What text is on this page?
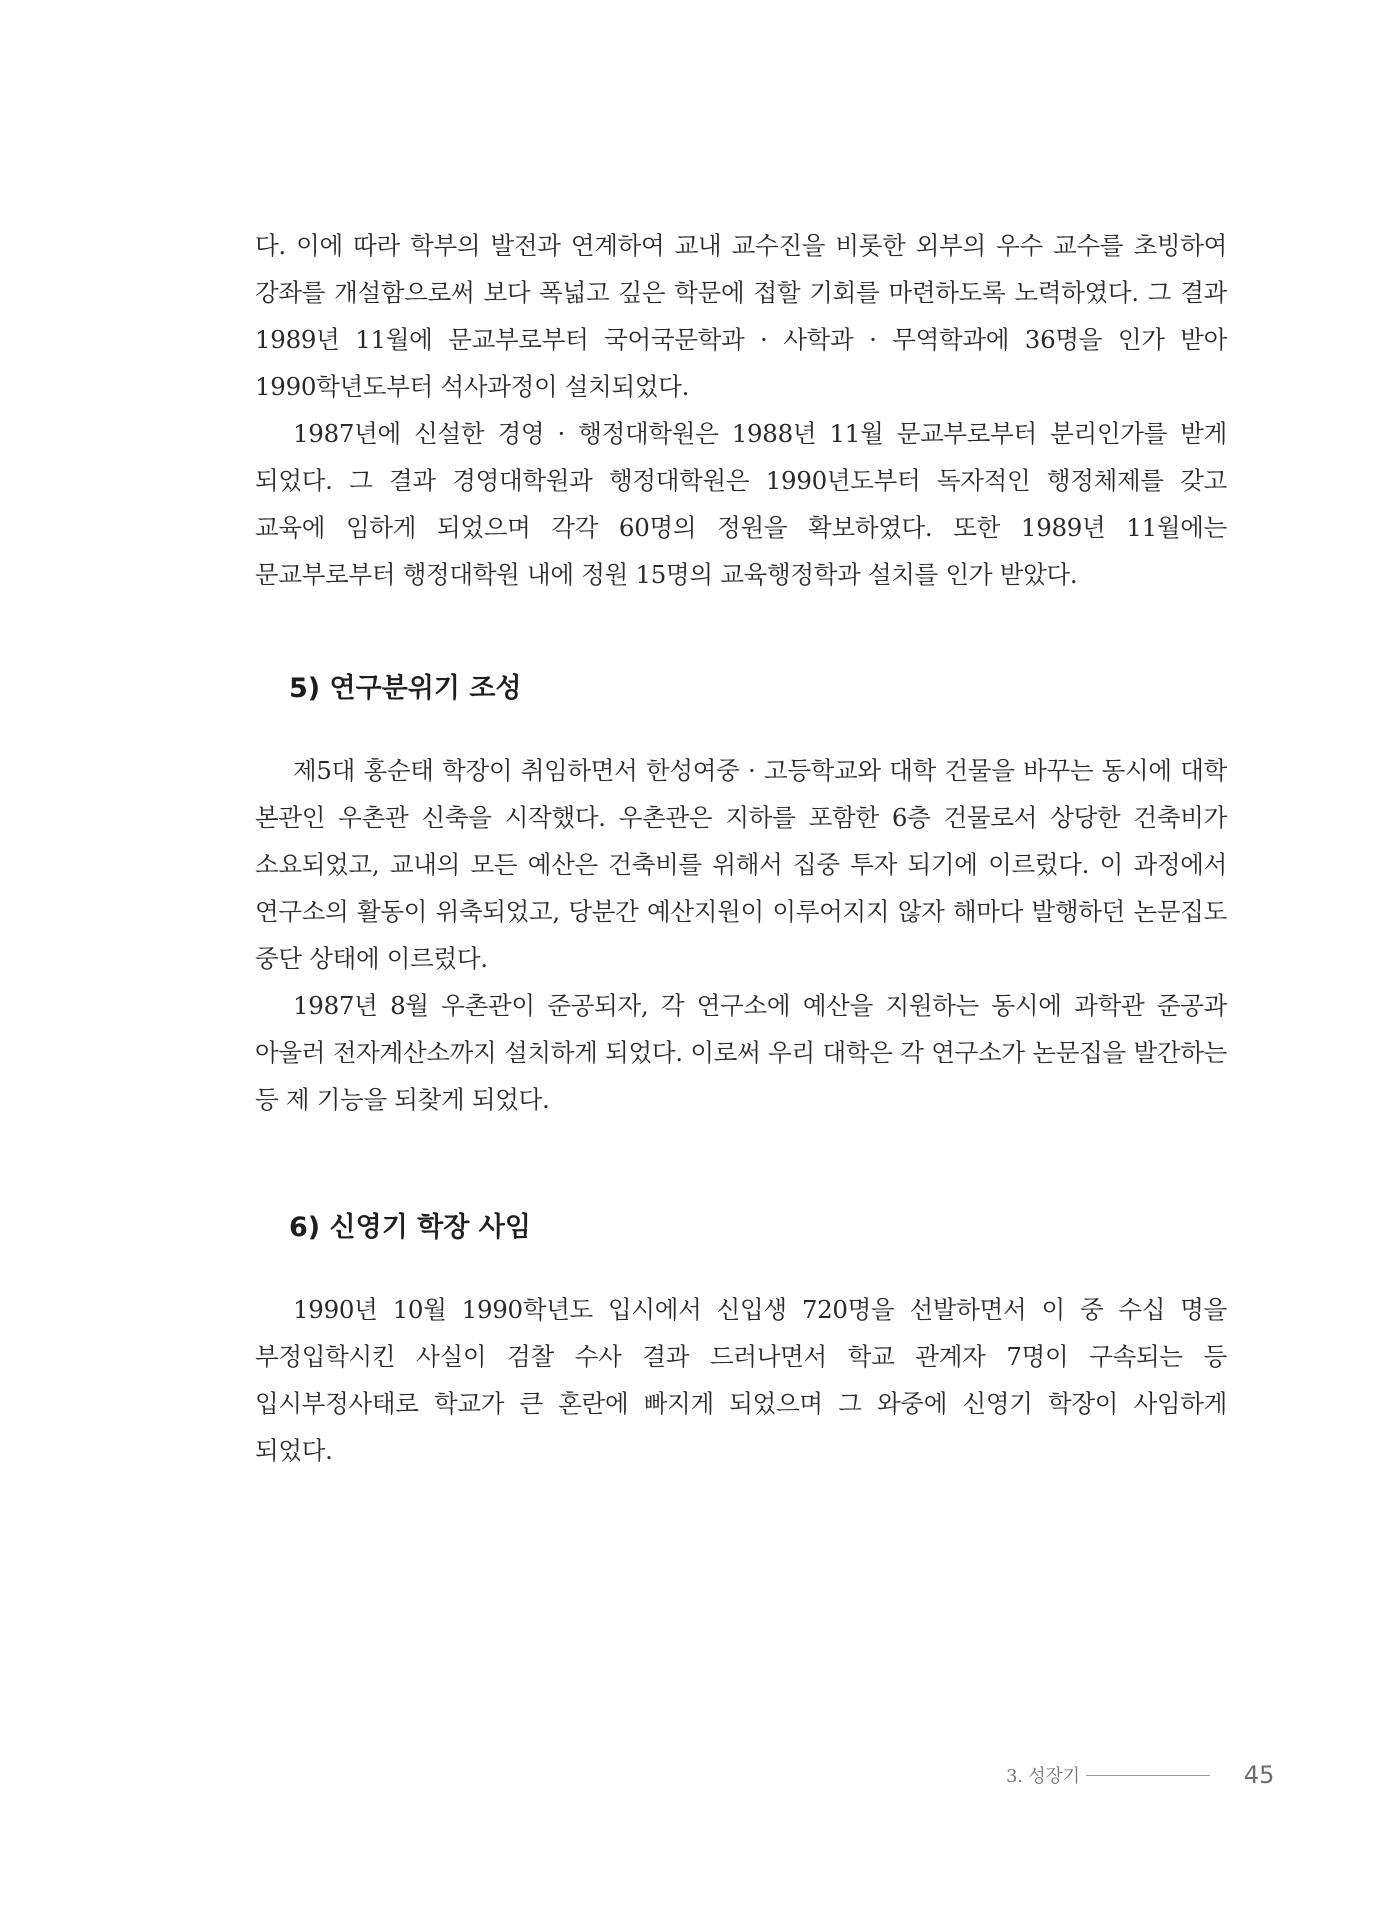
다. 이에 따라 학부의 발전과 연계하여 교내 교수진을 비롯한 외부의 우수 교수를 초빙하여 강좌를 개설함으로써 보다 폭넓고 깊은 학문에 접할 기회를 마련하도록 노력하였다. 그 결과 1989년 11월에 문교부로부터 국어국문학과 · 사학과 · 무역학과에 36명을 인가 받아 1990학년도부터 석사과정이 설치되었다.

1987년에 신설한 경영 · 행정대학원은 1988년 11월 문교부로부터 분리인가를 받게 되었다. 그 결과 경영대학원과 행정대학원은 1990년도부터 독자적인 행정체제를 갖고 교육에 임하게 되었으며 각각 60명의 정원을 확보하였다. 또한 1989년 11월에는 문교부로부터 행정대학원 내에 정원 15명의 교육행정학과 설치를 인가 받았다.

5) 연구분위기 조성

제5대 홍순태 학장이 취임하면서 한성여중 · 고등학교와 대학 건물을 바꾸는 동시에 대학 본관인 우촌관 신축을 시작했다. 우촌관은 지하를 포함한 6층 건물로서 상당한 건축비가 소요되었고, 교내의 모든 예산은 건축비를 위해서 집중 투자 되기에 이르렀다. 이 과정에서 연구소의 활동이 위축되었고, 당분간 예산지원이 이루어지지 않자 해마다 발행하던 논문집도 중단 상태에 이르렀다.

1987년 8월 우촌관이 준공되자, 각 연구소에 예산을 지원하는 동시에 과학관 준공과 아울러 전자계산소까지 설치하게 되었다. 이로써 우리 대학은 각 연구소가 논문집을 발간하는 등 제 기능을 되찾게 되었다.

6) 신영기 학장 사임

1990년 10월 1990학년도 입시에서 신입생 720명을 선발하면서 이 중 수십 명을 부정입학시킨 사실이 검찰 수사 결과 드러나면서 학교 관계자 7명이 구속되는 등 입시부정사태로 학교가 큰 혼란에 빠지게 되었으며 그 와중에 신영기 학장이 사임하게 되었다.

3. 성장기	45
